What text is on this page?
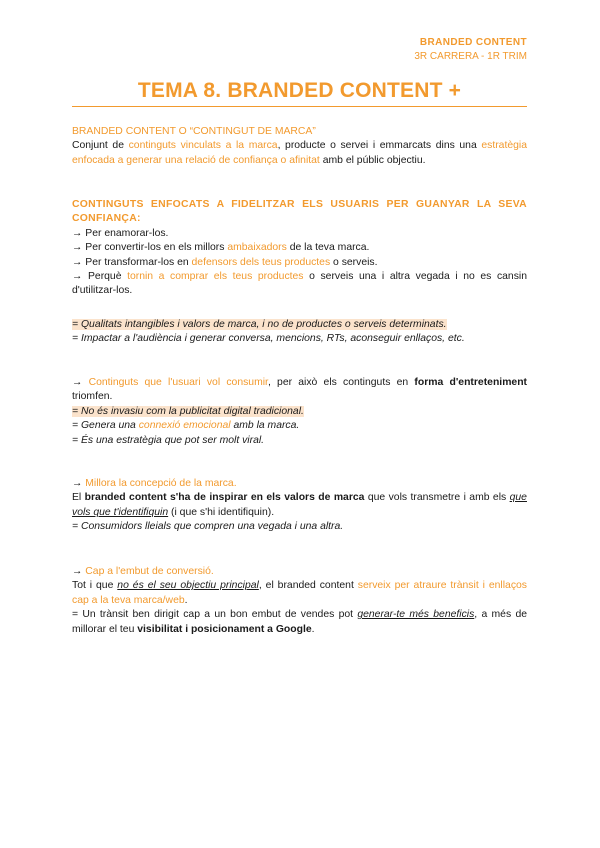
BRANDED CONTENT
3R CARRERA - 1R TRIM
TEMA 8. BRANDED CONTENT +

BRANDED CONTENT O “CONTINGUT DE MARCA”

Conjunt de continguts vinculats a la marca, producte o servei i emmarcats dins una estratègia enfocada a generar una relació de confiança o afinitat amb el públic objectiu.

CONTINGUTS ENFOCATS A FIDELITZAR ELS USUARIS PER GUANYAR LA SEVA CONFIANÇA:

→ Per enamorar-los.

→ Per convertir-los en els millors ambaixadors de la teva marca.

→ Per transformar-los en defensors dels teus productes o serveis.

→ Perquè tornin a comprar els teus productes o serveis una i altra vegada i no es cansin d'utilitzar-los.

= Qualitats intangibles i valors de marca, i no de productes o serveis determinats.

= Impactar a l'audiència i generar conversa, mencions, RTs, aconseguir enllaços, etc.

→ Continguts que l'usuari vol consumir, per això els continguts en forma d'entreteniment triomfen.

= No és invasiu com la publicitat digital tradicional.

= Genera una connexió emocional amb la marca.

= És una estratègia que pot ser molt viral.

→ Millora la concepció de la marca.

El branded content s'ha de inspirar en els valors de marca que vols transmetre i amb els que vols que t'identifiquin (i que s'hi identifiquin).

= Consumidors lleials que compren una vegada i una altra.

→ Cap a l'embut de conversió.

Tot i que no és el seu objectiu principal, el branded content serveix per atraure trànsit i enllaços cap a la teva marca/web.

= Un trànsit ben dirigit cap a un bon embut de vendes pot generar-te més beneficis, a més de millorar el teu visibilitat i posicionament a Google.
